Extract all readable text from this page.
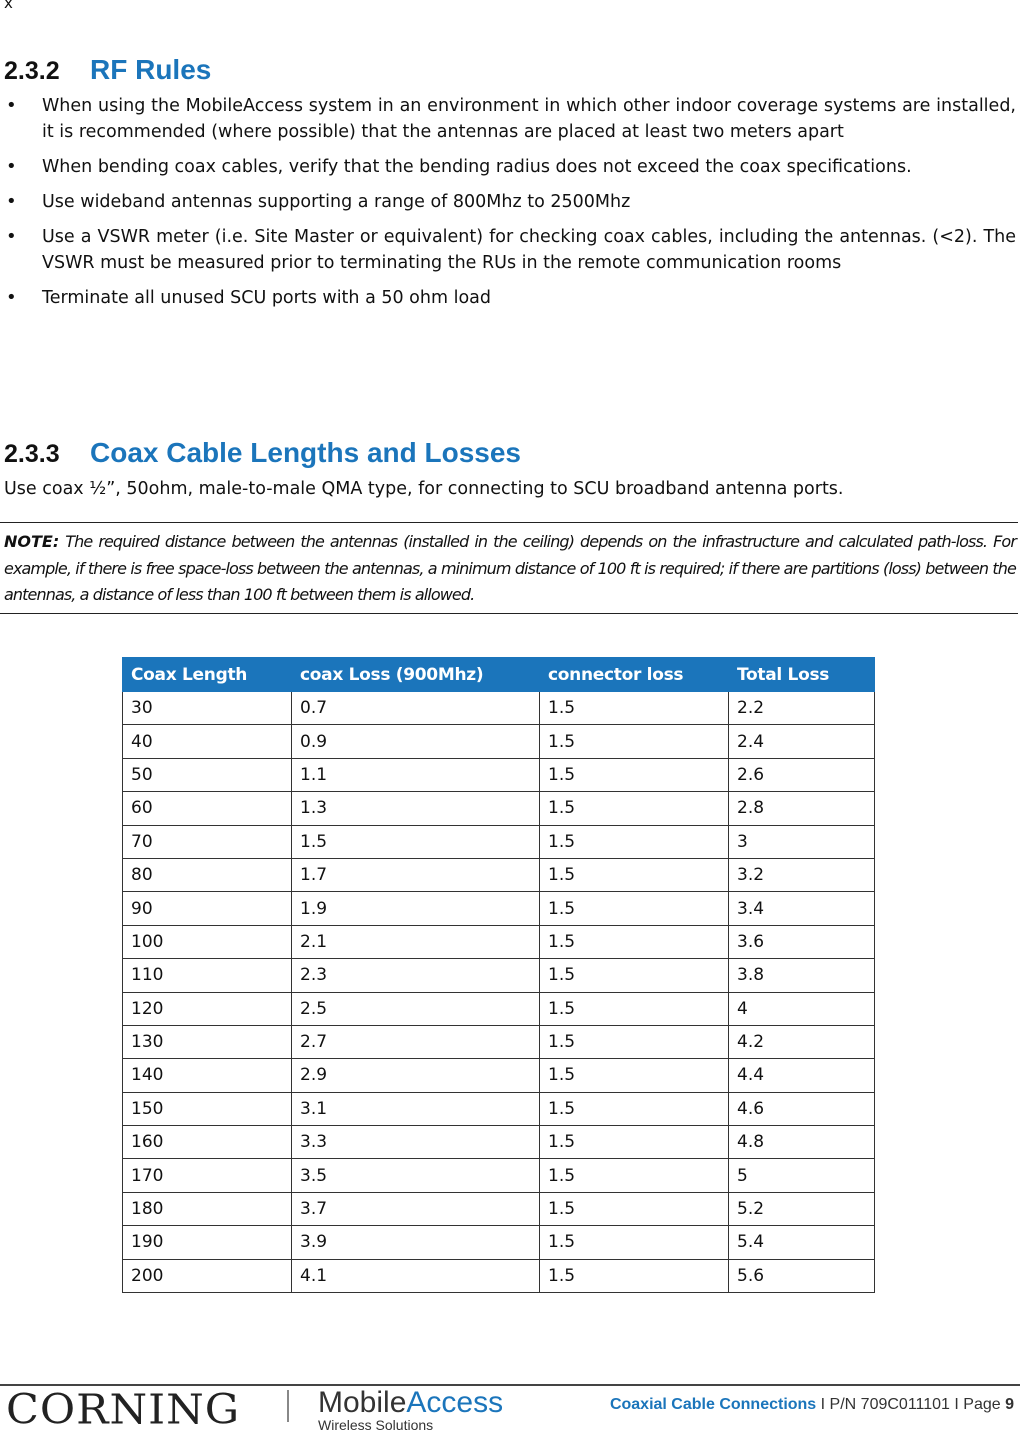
x
2.3.2	RF Rules
• When using the MobileAccess system in an environment in which other indoor coverage systems are installed, it is recommended (where possible) that the antennas are placed at least two meters apart
• When bending coax cables, verify that the bending radius does not exceed the coax specifications.
• Use wideband antennas supporting a range of 800Mhz to 2500Mhz
• Use a VSWR meter (i.e. Site Master or equivalent) for checking coax cables, including the antennas. (<2). The VSWR must be measured prior to terminating the RUs in the remote communication rooms
• Terminate all unused SCU ports with a 50 ohm load
2.3.3	Coax Cable Lengths and Losses
Use coax ½”, 50ohm, male-to-male QMA type, for connecting to SCU broadband antenna ports.
NOTE: The required distance between the antennas (installed in the ceiling) depends on the infrastructure and calculated path-loss. For example, if there is free space-loss between the antennas, a minimum distance of 100 ft is required; if there are partitions (loss) between the antennas, a distance of less than 100 ft between them is allowed.
Coax Length	coax Loss (900Mhz)	connector loss	Total Loss
30	0.7	1.5	2.2
40	0.9	1.5	2.4
50	1.1	1.5	2.6
60	1.3	1.5	2.8
70	1.5	1.5	3
80	1.7	1.5	3.2
90	1.9	1.5	3.4
100	2.1	1.5	3.6
110	2.3	1.5	3.8
120	2.5	1.5	4
130	2.7	1.5	4.2
140	2.9	1.5	4.4
150	3.1	1.5	4.6
160	3.3	1.5	4.8
170	3.5	1.5	5
180	3.7	1.5	5.2
190	3.9	1.5	5.4
200	4.1	1.5	5.6
CORNING	MobileAccess
Wireless Solutions
Coaxial Cable Connections I P/N 709C011101 I Page 9
